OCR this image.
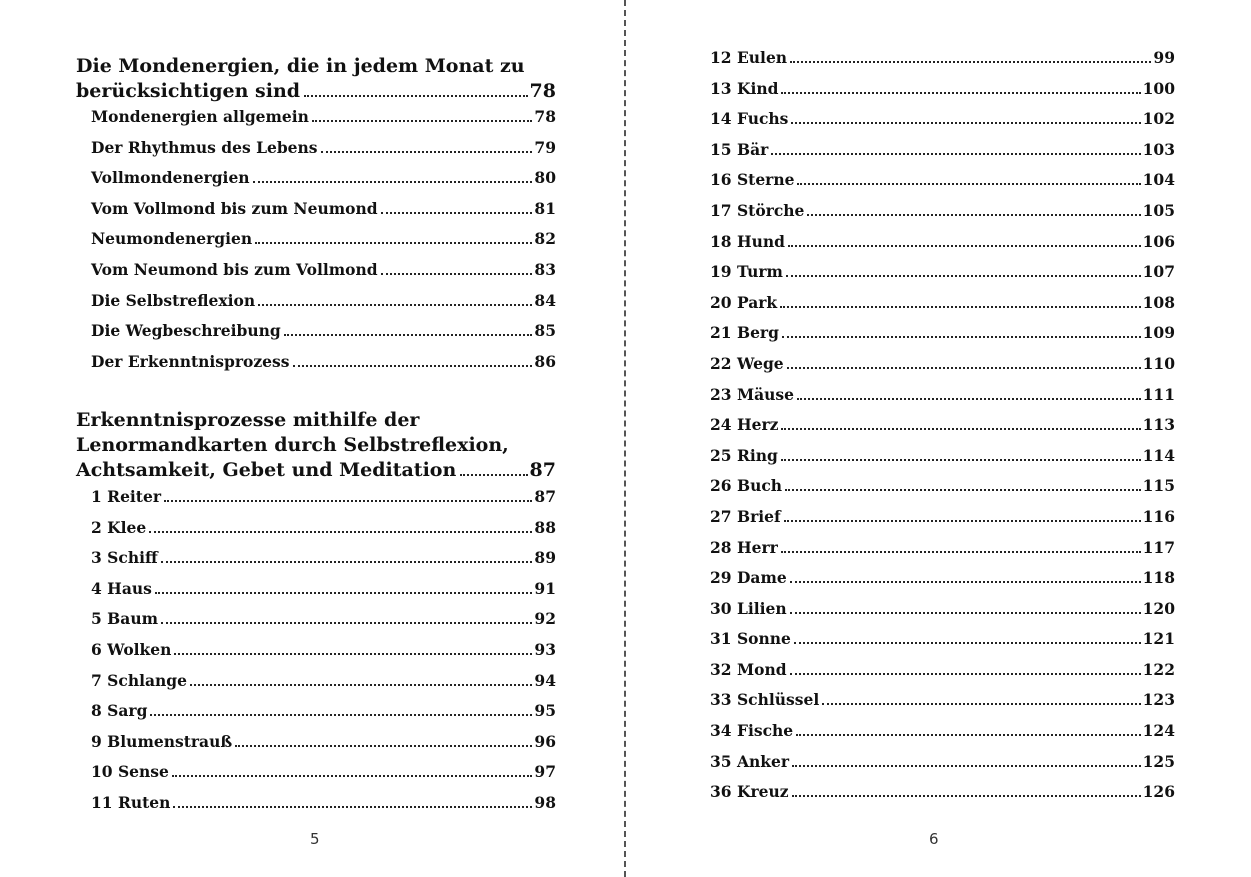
Die Mondenergien, die in jedem Monat zu
berücksichtigen sind	78
Mondenergien allgemein	78
Der Rhythmus des Lebens	79
Vollmondenergien	80
Vom Vollmond bis zum Neumond	81
Neumondenergien	82
Vom Neumond bis zum Vollmond	83
Die Selbstreflexion	84
Die Wegbeschreibung	85
Der Erkenntnisprozess	86
Erkenntnisprozesse mithilfe der
Lenormandkarten durch Selbstreflexion,
Achtsamkeit, Gebet und Meditation	87
1 Reiter	87
2 Klee	88
3 Schiff	89
4 Haus	91
5 Baum	92
6 Wolken	93
7 Schlange	94
8 Sarg	95
9 Blumenstrauß	96
10 Sense	97
11 Ruten	98
5
12 Eulen	99
13 Kind	100
14 Fuchs	102
15 Bär	103
16 Sterne	104
17 Störche	105
18 Hund	106
19 Turm	107
20 Park	108
21 Berg	109
22 Wege	110
23 Mäuse	111
24 Herz	113
25 Ring	114
26 Buch	115
27 Brief	116
28 Herr	117
29 Dame	118
30 Lilien	120
31 Sonne	121
32 Mond	122
33 Schlüssel	123
34 Fische	124
35 Anker	125
36 Kreuz	126
6
